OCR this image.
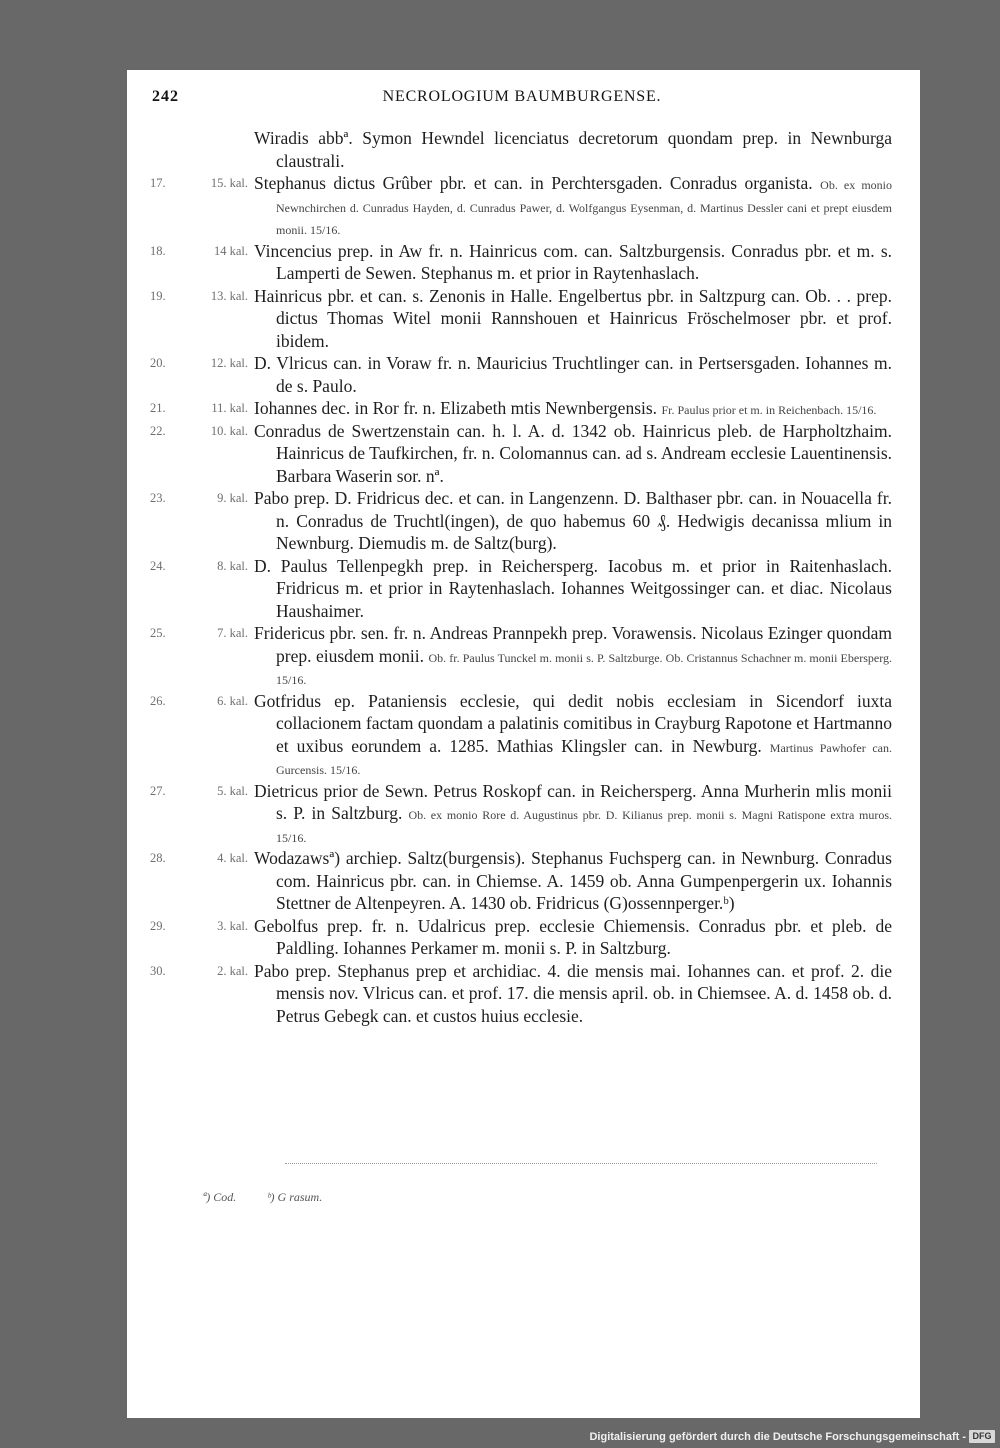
242	NECROLOGIUM BAUMBURGENSE.
Wiradis abbª. Symon Hewndel licenciatus decretorum quondam prep. in Newnburga claustrali.
17.	15. kal. Stephanus dictus Grûber pbr. et can. in Perchtersgaden. Conradus organista. Ob. ex monio Newnchirchen d. Cunradus Hayden, d. Cunradus Pawer, d. Wolfgangus Eysenman, d. Martinus Dessler cani et prept eiusdem monii. 15/16.
18.	14 kal. Vincencius prep. in Aw fr. n. Hainricus com. can. Saltzburgensis. Conradus pbr. et m. s. Lamperti de Sewen. Stephanus m. et prior in Raytenhaslach.
19.	13. kal. Hainricus pbr. et can. s. Zenonis in Halle. Engelbertus pbr. in Saltzpurg can. Ob. . . prep. dictus Thomas Witel monii Rannshouen et Hainricus Fröschelmoser pbr. et prof. ibidem.
20.	12. kal. D. Vlricus can. in Voraw fr. n. Mauricius Truchtlinger can. in Pertsersgaden. Iohannes m. de s. Paulo.
21.	11. kal. Iohannes dec. in Ror fr. n. Elizabeth mtis Newnbergensis. Fr. Paulus prior et m. in Reichenbach. 15/16.
22.	10. kal. Conradus de Swertzenstain can. h. l. A. d. 1342 ob. Hainricus pleb. de Harpholtzhaim. Hainricus de Taufkirchen, fr. n. Colomannus can. ad s. Andream ecclesie Lauentinensis. Barbara Waserin sor. nª.
23.	9. kal. Pabo prep. D. Fridricus dec. et can. in Langenzenn. D. Balthaser pbr. can. in Nouacella fr. n. Conradus de Truchtl(ingen), de quo habemus 60 ₰. Hedwigis decanissa mlium in Newnburg. Diemudis m. de Saltz(burg).
24.	8. kal. D. Paulus Tellenpegkh prep. in Reichersperg. Iacobus m. et prior in Raitenhaslach. Fridricus m. et prior in Raytenhaslach. Iohannes Weitgossinger can. et diac. Nicolaus Haushaimer.
25.	7. kal. Fridericus pbr. sen. fr. n. Andreas Prannpekh prep. Vorawensis. Nicolaus Ezinger quondam prep. eiusdem monii. Ob. fr. Paulus Tunckel m. monii s. P. Saltzburge. Ob. Cristannus Schachner m. monii Ebersperg. 15/16.
26.	6. kal. Gotfridus ep. Pataniensis ecclesie, qui dedit nobis ecclesiam in Sicendorf iuxta collacionem factam quondam a palatinis comitibus in Crayburg Rapotone et Hartmanno et uxibus eorundem a. 1285. Mathias Klingsler can. in Newburg. Martinus Pawhofer can. Gurcensis. 15/16.
27.	5. kal. Dietricus prior de Sewn. Petrus Roskopf can. in Reichersperg. Anna Murherin mlis monii s. P. in Saltzburg. Ob. ex monio Rore d. Augustinus pbr. D. Kilianus prep. monii s. Magni Ratispone extra muros. 15/16.
28.	4. kal. Wodazawsª) archiep. Saltz(burgensis). Stephanus Fuchsperg can. in Newnburg. Conradus com. Hainricus pbr. can. in Chiemse. A. 1459 ob. Anna Gumpenpergerin ux. Iohannis Stettner de Altenpeyren. A. 1430 ob. Fridricus (G)ossennperger.ᵇ)
29.	3. kal. Gebolfus prep. fr. n. Udalricus prep. ecclesie Chiemensis. Conradus pbr. et pleb. de Paldling. Iohannes Perkamer m. monii s. P. in Saltzburg.
30.	2. kal. Pabo prep. Stephanus prep et archidiac. 4. die mensis mai. Iohannes can. et prof. 2. die mensis nov. Vlricus can. et prof. 17. die mensis april. ob. in Chiemsee. A. d. 1458 ob. d. Petrus Gebegk can. et custos huius ecclesie.
ª) Cod.	ᵇ) G rasum.
Digitalisierung gefördert durch die Deutsche Forschungsgemeinschaft - DFG
